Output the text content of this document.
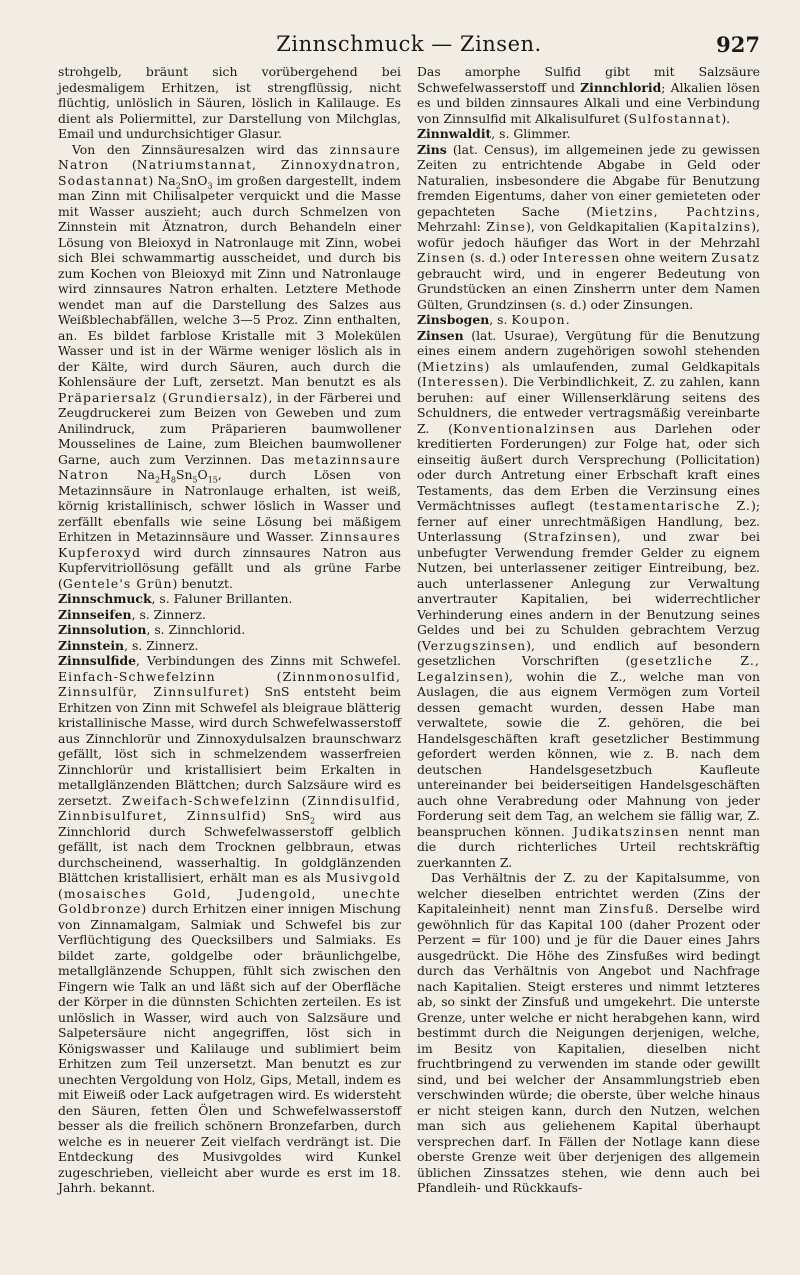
Zinnschmuck — Zinsen.	927

strohgelb, bräunt sich vorübergehend bei jedesmaligem Erhitzen, ist strengflüssig, nicht flüchtig, unlöslich in Säuren, löslich in Kalilauge. Es dient als Poliermittel, zur Darstellung von Milchglas, Email und undurchsichtiger Glasur.

Von den Zinnsäuresalzen wird das zinnsaure Natron (Natriumstannat, Zinnoxydnatron, Sodastannat) $Na_2SnO_3$ im großen dargestellt, indem man Zinn mit Chilisalpeter verquickt und die Masse mit Wasser auszieht; auch durch Schmelzen von Zinnstein mit Ätznatron, durch Behandeln einer Lösung von Bleioxyd in Natronlauge mit Zinn, wobei sich Blei schwammartig ausscheidet, und durch bis zum Kochen von Bleioxyd mit Zinn und Natronlauge wird zinnsaures Natron erhalten. Letztere Methode wendet man auf die Darstellung des Salzes aus Weißblechabfällen, welche 3—5 Proz. Zinn enthalten, an. Es bildet farblose Kristalle mit 3 Molekülen Wasser und ist in der Wärme weniger löslich als in der Kälte, wird durch Säuren, auch durch die Kohlensäure der Luft, zersetzt. Man benutzt es als Präpariersalz (Grundiersalz), in der Färberei und Zeugdruckerei zum Beizen von Geweben und zum Anilindruck, zum Präparieren baumwollener Mousselines de Laine, zum Bleichen baumwollener Garne, auch zum Verzinnen. Das metazinnsaure Natron $Na_2H_8Sn_5O_{15}$, durch Lösen von Metazinnsäure in Natronlauge erhalten, ist weiß, körnig kristallinisch, schwer löslich in Wasser und zerfällt ebenfalls wie seine Lösung bei mäßigem Erhitzen in Metazinnsäure und Wasser. Zinnsaures Kupferoxyd wird durch zinnsaures Natron aus Kupfervitriollösung gefällt und als grüne Farbe (Gentele's Grün) benutzt.

Zinnschmuck, s. Faluner Brillanten.

Zinnseifen, s. Zinnerz.

Zinnsolution, s. Zinnchlorid.

Zinnstein, s. Zinnerz.

Zinnsulfide, Verbindungen des Zinns mit Schwefel. Einfach-Schwefelzinn (Zinnmonosulfid, Zinnsulfür, Zinnsulfuret) SnS entsteht beim Erhitzen von Zinn mit Schwefel als bleigraue blätterig kristallinische Masse, wird durch Schwefelwasserstoff aus Zinnchlorür und Zinnoxydulsalzen braunschwarz gefällt, löst sich in schmelzendem wasserfreien Zinnchlorür und kristallisiert beim Erkalten in metallglänzenden Blättchen; durch Salzsäure wird es zersetzt. Zweifach-Schwefelzinn (Zinndisulfid, Zinnbisulfuret, Zinnsulfid) SnS$_2$ wird aus Zinnchlorid durch Schwefelwasserstoff gelblich gefällt, ist nach dem Trocknen gelbbraun, etwas durchscheinend, wasserhaltig. In goldglänzenden Blättchen kristallisiert, erhält man es als Musivgold (mosaisches Gold, Judengold, unechte Goldbronze) durch Erhitzen einer innigen Mischung von Zinnamalgam, Salmiak und Schwefel bis zur Verflüchtigung des Quecksilbers und Salmiaks. Es bildet zarte, goldgelbe oder bräunlichgelbe, metallglänzende Schuppen, fühlt sich zwischen den Fingern wie Talk an und läßt sich auf der Oberfläche der Körper in die dünnsten Schichten zerteilen. Es ist unlöslich in Wasser, wird auch von Salzsäure und Salpetersäure nicht angegriffen, löst sich in Königswasser und Kalilauge und sublimiert beim Erhitzen zum Teil unzersetzt. Man benutzt es zur unechten Vergoldung von Holz, Gips, Metall, indem es mit Eiweiß oder Lack aufgetragen wird. Es widersteht den Säuren, fetten Ölen und Schwefelwasserstoff besser als die freilich schönern Bronzefarben, durch welche es in neuerer Zeit vielfach verdrängt ist. Die Entdeckung des Musivgoldes wird Kunkel zugeschrieben, vielleicht aber wurde es erst im 18. Jahrh. bekannt.

Das amorphe Sulfid gibt mit Salzsäure Schwefelwasserstoff und Zinnchlorid; Alkalien lösen es und bilden zinnsaures Alkali und eine Verbindung von Zinnsulfid mit Alkalisulfuret (Sulfostannat).

Zinnwaldit, s. Glimmer.

Zins (lat. Census), im allgemeinen jede zu gewissen Zeiten zu entrichtende Abgabe in Geld oder Naturalien, insbesondere die Abgabe für Benutzung fremden Eigentums, daher von einer gemieteten oder gepachteten Sache (Mietzins, Pachtzins, Mehrzahl: Zinse), von Geldkapitalien (Kapitalzins), wofür jedoch häufiger das Wort in der Mehrzahl Zinsen (s. d.) oder Interessen ohne weitern Zusatz gebraucht wird, und in engerer Bedeutung von Grundstücken an einen Zinsherrn unter dem Namen Gülten, Grundzinsen (s. d.) oder Zinsungen.

Zinsbogen, s. Koupon.

Zinsen (lat. Usurae), Vergütung für die Benutzung eines einem andern zugehörigen sowohl stehenden (Mietzins) als umlaufenden, zumal Geldkapitals (Interessen). Die Verbindlichkeit, Z. zu zahlen, kann beruhen: auf einer Willenserklärung seitens des Schuldners, die entweder vertragsmäßig vereinbarte Z. (Konventionalzinsen aus Darlehen oder kreditierten Forderungen) zur Folge hat, oder sich einseitig äußert durch Versprechung (Pollicitation) oder durch Antretung einer Erbschaft kraft eines Testaments, das dem Erben die Verzinsung eines Vermächtnisses auflegt (testamentarische Z.); ferner auf einer unrechtmäßigen Handlung, bez. Unterlassung (Strafzinsen), und zwar bei unbefugter Verwendung fremder Gelder zu eignem Nutzen, bei unterlassener zeitiger Eintreibung, bez. auch unterlassener Anlegung zur Verwaltung anvertrauter Kapitalien, bei widerrechtlicher Verhinderung eines andern in der Benutzung seines Geldes und bei zu Schulden gebrachtem Verzug (Verzugszinsen), und endlich auf besondern gesetzlichen Vorschriften (gesetzliche Z., Legalzinsen), wohin die Z., welche man von Auslagen, die aus eignem Vermögen zum Vorteil dessen gemacht wurden, dessen Habe man verwaltete, sowie die Z. gehören, die bei Handelsgeschäften kraft gesetzlicher Bestimmung gefordert werden können, wie z. B. nach dem deutschen Handelsgesetzbuch Kaufleute untereinander bei beiderseitigen Handelsgeschäften auch ohne Verabredung oder Mahnung von jeder Forderung seit dem Tag, an welchem sie fällig war, Z. beanspruchen können. Judikatszinsen nennt man die durch richterliches Urteil rechtskräftig zuerkannten Z.

Das Verhältnis der Z. zu der Kapitalsumme, von welcher dieselben entrichtet werden (Zins der Kapitaleinheit) nennt man Zinsfuß. Derselbe wird gewöhnlich für das Kapital 100 (daher Prozent oder Perzent = für 100) und je für die Dauer eines Jahrs ausgedrückt. Die Höhe des Zinsfußes wird bedingt durch das Verhältnis von Angebot und Nachfrage nach Kapitalien. Steigt ersteres und nimmt letzteres ab, so sinkt der Zinsfuß und umgekehrt. Die unterste Grenze, unter welche er nicht herabgehen kann, wird bestimmt durch die Neigungen derjenigen, welche, im Besitz von Kapitalien, dieselben nicht fruchtbringend zu verwenden im stande oder gewillt sind, und bei welcher der Ansammlungstrieb eben verschwinden würde; die oberste, über welche hinaus er nicht steigen kann, durch den Nutzen, welchen man sich aus geliehenem Kapital überhaupt versprechen darf. In Fällen der Notlage kann diese oberste Grenze weit über derjenigen des allgemein üblichen Zinssatzes stehen, wie denn auch bei Pfandleih- und Rückkaufs-
